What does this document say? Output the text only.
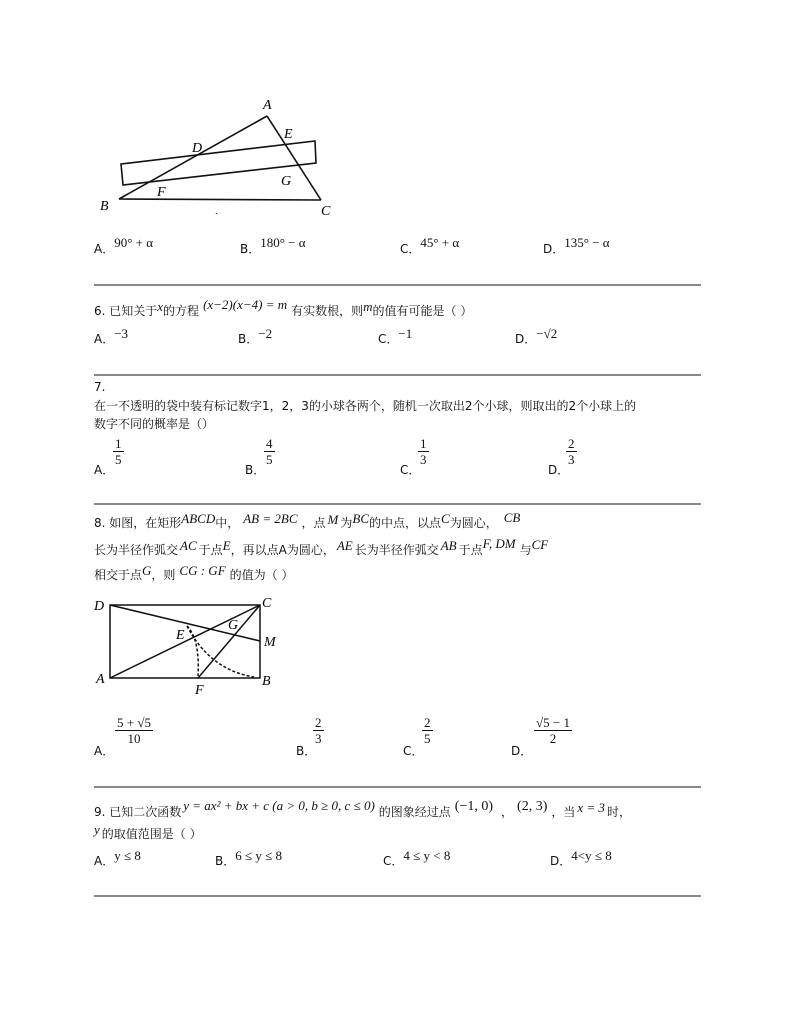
A
B	C
D
E
F
G
ˏ
A．90° + α	B．180° − α	C．45° + α	D．135° − α
6. 已知关于x的方程 (x−2)(x−4) = m 有实数根，则m的值有可能是（ ）
A．−3	B．−2	C．−1	D．−√2
7.
在一不透明的袋中装有标记数字1，2，3的小球各两个，随机一次取出2个小球，则取出的2个小球上的
数字不同的概率是（）
A．
1
5
B．
4
5
C．
1
3
D．
2
3
8. 如图，在矩形ABCD中， AB = 2BC ，点 M 为BC的中点，以点C为圆心， CB
长为半径作弧交 AC 于点E，再以点A为圆心， AE 长为半径作弧交 AB 于点F, DM 与CF
相交于点G，则 CG : GF 的值为（ ）
D	C
A	B
M
E
G
F
A．
5 + √5
10
B．
2
3
C．
2
5
D．
√5 − 1
2
9. 已知二次函数 y = ax² + bx + c (a > 0, b ≥ 0, c ≤ 0) 的图象经过点 (−1, 0) ， (2, 3) ，当 x = 3 时，
y 的取值范围是（ ）
A．y ≤ 8	B．6 ≤ y ≤ 8	C．4 ≤ y < 8	D．4<y ≤ 8
